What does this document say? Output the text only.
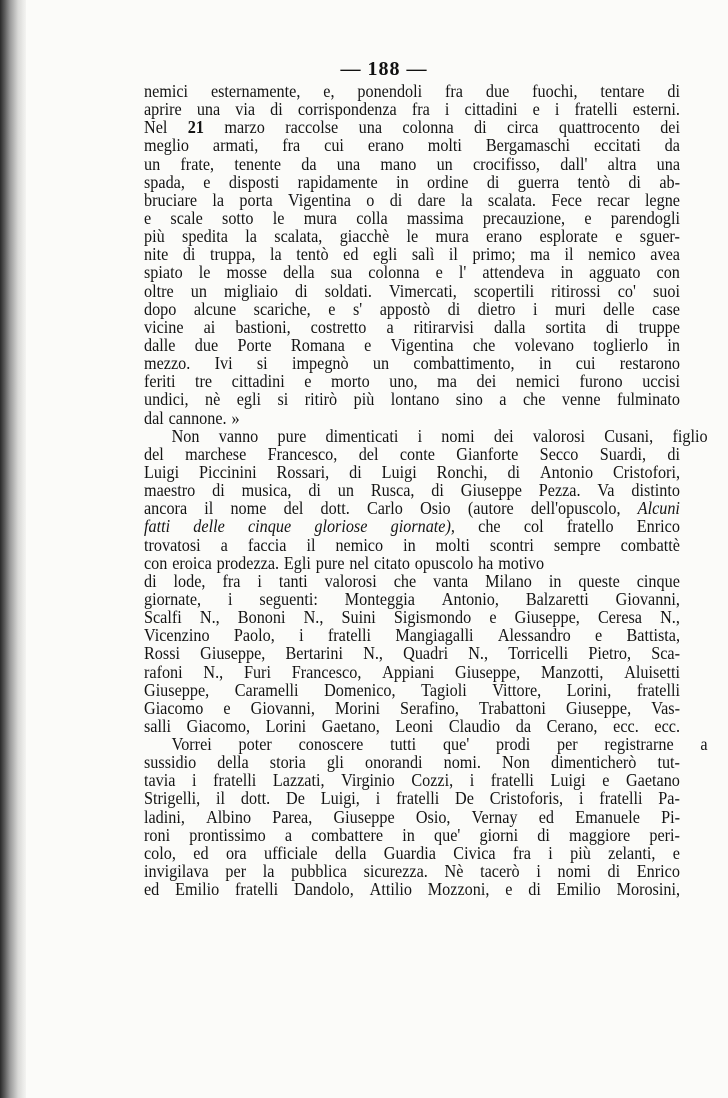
— 188 —
nemici esternamente, e, ponendoli fra due fuochi, tentare di
aprire una via di corrispondenza fra i cittadini e i fratelli esterni.
Nel 21 marzo raccolse una colonna di circa quattrocento dei
meglio armati, fra cui erano molti Bergamaschi eccitati da
un frate, tenente da una mano un crocifisso, dall' altra una
spada, e disposti rapidamente in ordine di guerra tentò di ab-
bruciare la porta Vigentina o di dare la scalata. Fece recar legne
e scale sotto le mura colla massima precauzione, e parendogli
più spedita la scalata, giacchè le mura erano esplorate e sguer-
nite di truppa, la tentò ed egli salì il primo; ma il nemico avea
spiato le mosse della sua colonna e l' attendeva in agguato con
oltre un migliaio di soldati. Vimercati, scopertili ritirossi co' suoi
dopo alcune scariche, e s' appostò di dietro i muri delle case
vicine ai bastioni, costretto a ritirarvisi dalla sortita di truppe
dalle due Porte Romana e Vigentina che volevano toglierlo in
mezzo. Ivi si impegnò un combattimento, in cui restarono
feriti tre cittadini e morto uno, ma dei nemici furono uccisi
undici, nè egli si ritirò più lontano sino a che venne fulminato
dal cannone. »
Non vanno pure dimenticati i nomi dei valorosi Cusani, figlio
del marchese Francesco, del conte Gianforte Secco Suardi, di
Luigi Piccinini Rossari, di Luigi Ronchi, di Antonio Cristofori,
maestro di musica, di un Rusca, di Giuseppe Pezza. Va distinto
ancora il nome del dott. Carlo Osio (autore dell'opuscolo, Alcuni
fatti delle cinque gloriose giornate), che col fratello Enrico
trovatosi a faccia il nemico in molti scontri sempre combattè
con eroica prodezza. Egli pure nel citato opuscolo ha motivo
di lode, fra i tanti valorosi che vanta Milano in queste cinque
giornate, i seguenti: Monteggia Antonio, Balzaretti Giovanni,
Scalfi N., Bononi N., Suini Sigismondo e Giuseppe, Ceresa N.,
Vicenzino Paolo, i fratelli Mangiagalli Alessandro e Battista,
Rossi Giuseppe, Bertarini N., Quadri N., Torricelli Pietro, Sca-
rafoni N., Furi Francesco, Appiani Giuseppe, Manzotti, Aluisetti
Giuseppe, Caramelli Domenico, Tagioli Vittore, Lorini, fratelli
Giacomo e Giovanni, Morini Serafino, Trabattoni Giuseppe, Vas-
salli Giacomo, Lorini Gaetano, Leoni Claudio da Cerano, ecc. ecc.
Vorrei poter conoscere tutti que' prodi per registrarne a
sussidio della storia gli onorandi nomi. Non dimenticherò tut-
tavia i fratelli Lazzati, Virginio Cozzi, i fratelli Luigi e Gaetano
Strigelli, il dott. De Luigi, i fratelli De Cristoforis, i fratelli Pa-
ladini, Albino Parea, Giuseppe Osio, Vernay ed Emanuele Pi-
roni prontissimo a combattere in que' giorni di maggiore peri-
colo, ed ora ufficiale della Guardia Civica fra i più zelanti, e
invigilava per la pubblica sicurezza. Nè tacerò i nomi di Enrico
ed Emilio fratelli Dandolo, Attilio Mozzoni, e di Emilio Morosini,
